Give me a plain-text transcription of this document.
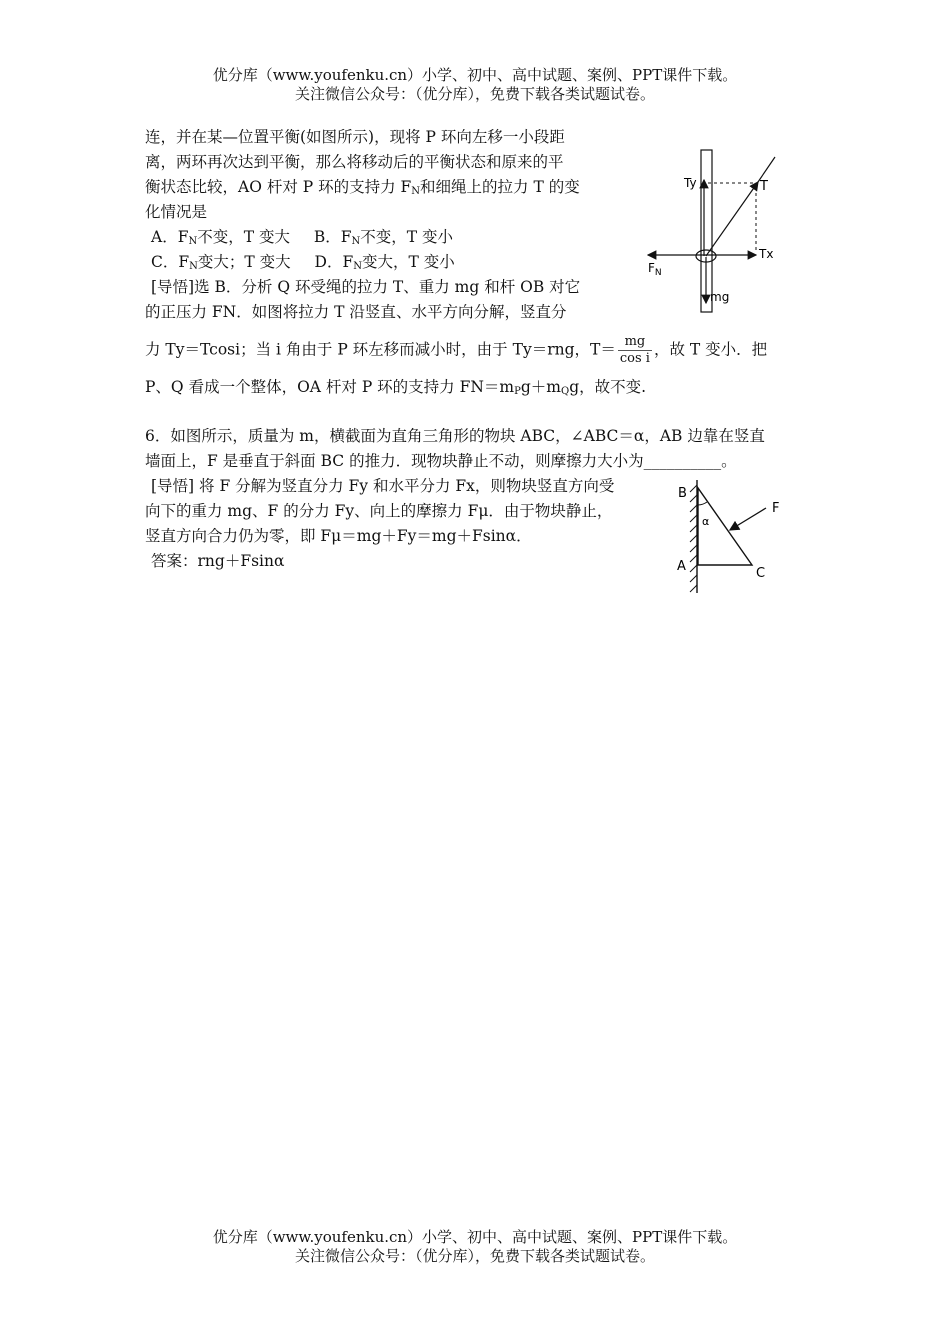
优分库（www.youfenku.cn）小学、初中、高中试题、案例、PPT课件下载。
关注微信公众号：（优分库），免费下载各类试题试卷。
连，并在某—位置平衡(如图所示)，现将 P 环向左移一小段距
离，两环再次达到平衡，那么将移动后的平衡状态和原来的平
衡状态比较，AO 杆对 P 环的支持力 $F_N$和细绳上的拉力 T 的变
化情况是
A．$F_N$不变，T 变大 B．$F_N$不变，T 变小
C．$F_N$变大；T 变大 D．$F_N$变大，T 变小
[导悟]选 B．分析 Q 环受绳的拉力 T、重力 mg 和杆 OB 对它
的正压力 FN．如图将拉力 T 沿竖直、水平方向分解，竖直分
力 Ty＝Tcosi；当 i 角由于 P 环左移而减小时，由于 Ty＝rng，$T= \frac{mg}{\text{cos i}}$ ，故 T 变小．把
P、Q 看成一个整体，OA 杆对 P 环的支持力 $FN=m_Pg+m_Qg$，故不变.
Ty	T
Tx
$F_N$
mg
6．如图所示，质量为 m，横截面为直角三角形的物块 ABC，∠ABC＝α，AB 边靠在竖直
墙面上，F 是垂直于斜面 BC 的推力．现物块静止不动，则摩擦力大小为__________。
[导悟] 将 F 分解为竖直分力 Fy 和水平分力 Fx，则物块竖直方向受
向下的重力 mg、F 的分力 Fy、向上的摩擦力 Fμ．由于物块静止，
竖直方向合力仍为零，即 Fμ＝mg＋Fy＝mg＋Fsinα．
答案：rng＋Fsinα
B
A	C
F
α
优分库（www.youfenku.cn）小学、初中、高中试题、案例、PPT课件下载。
关注微信公众号：（优分库），免费下载各类试题试卷。
